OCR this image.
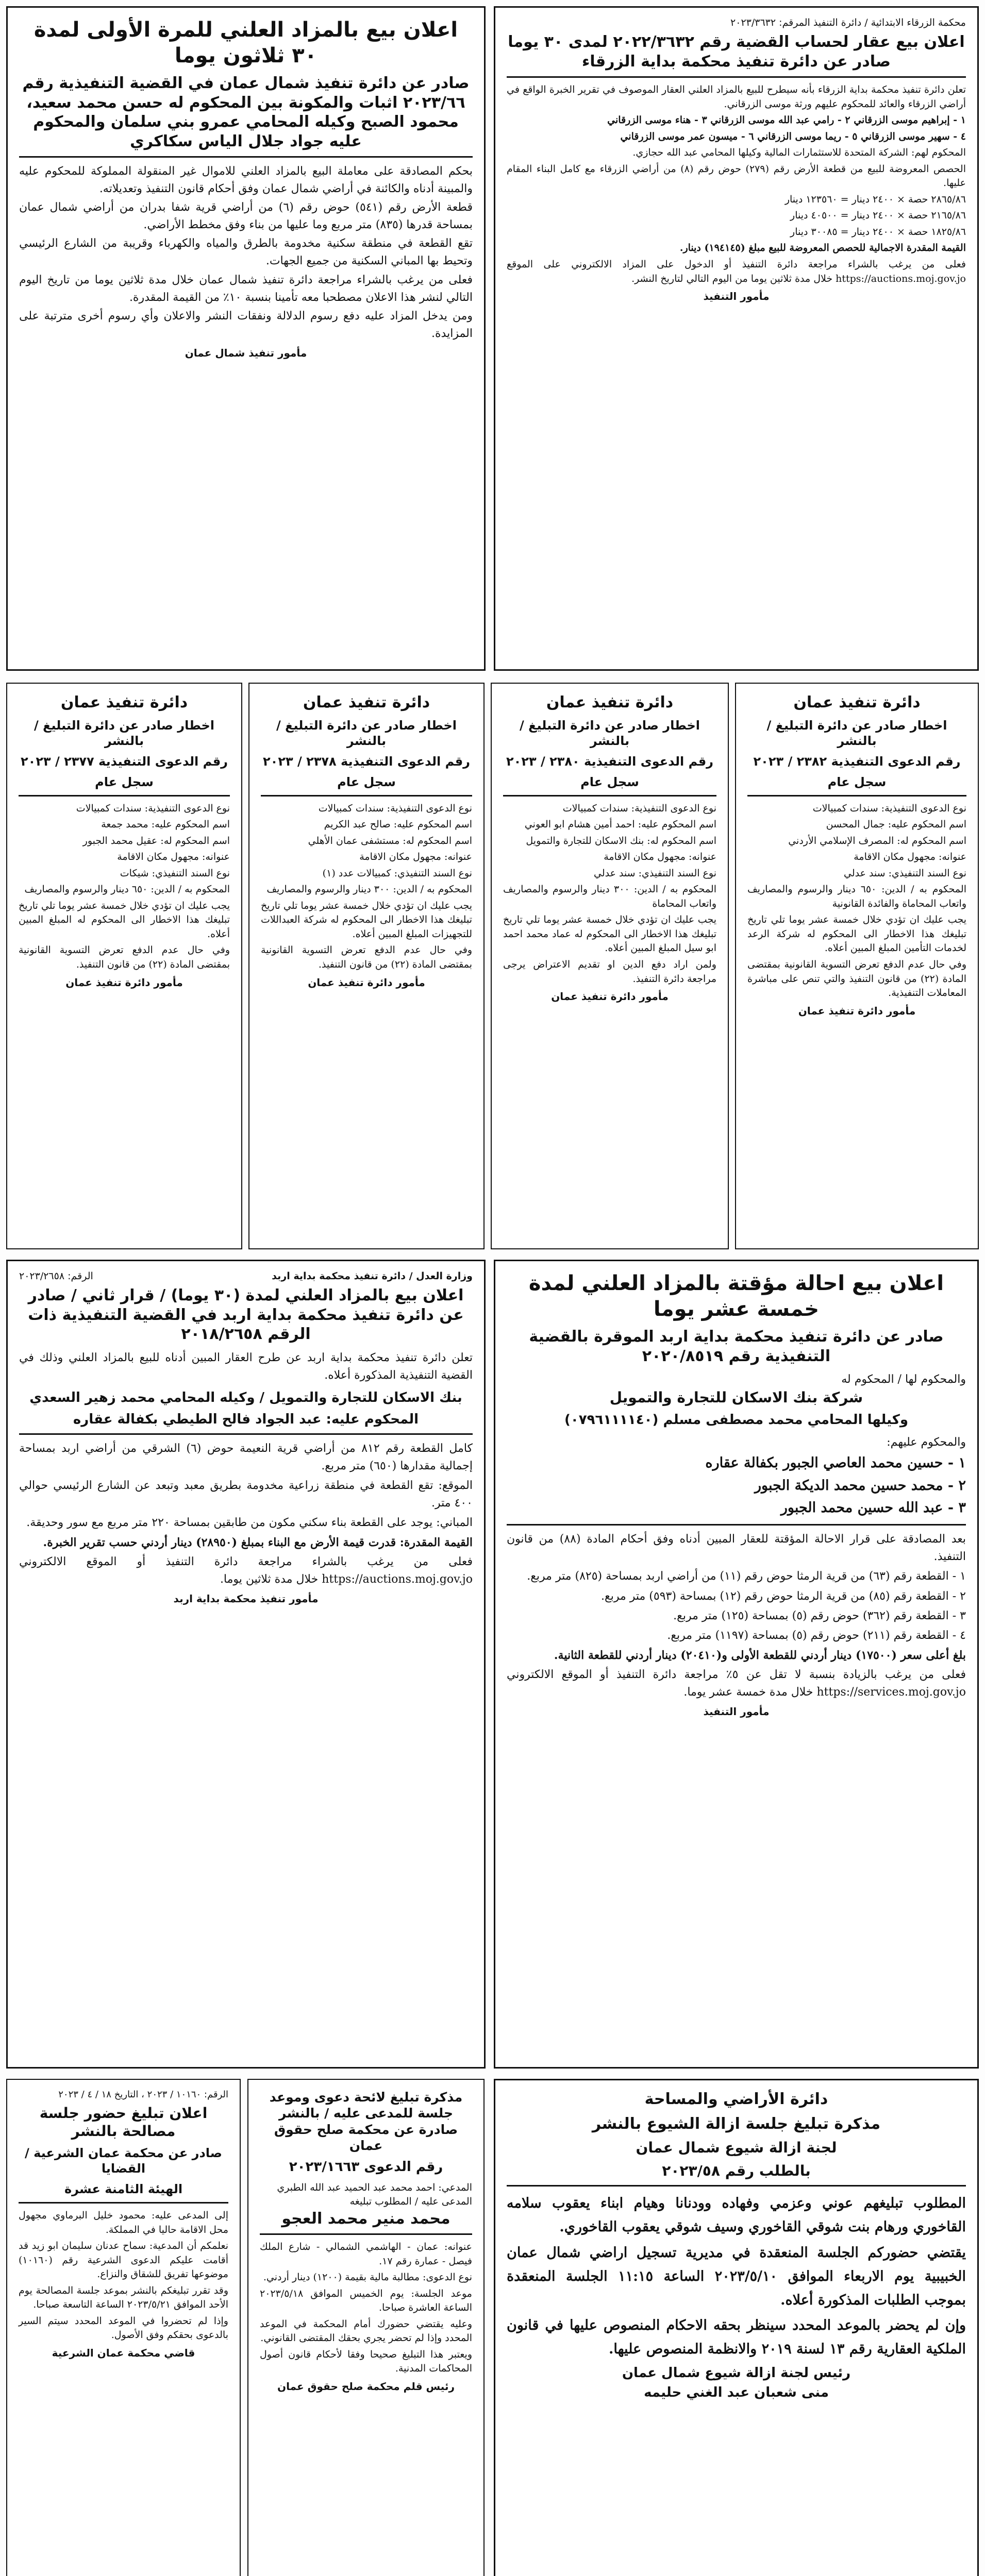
اعلان بيع بالمزاد العلني للمرة الأولى لمدة ٣٠ ثلاثون يوما
صادر عن دائرة تنفيذ شمال عمان في القضية التنفيذية رقم ٢٠٢٣/٦٦ اثبات والمكونة بين المحكوم له حسن محمد سعيد، محمود الصبح وكيله المحامي عمرو بني سلمان والمحكوم عليه جواد جلال الياس سكاكري
بحكم المصادقة على معاملة البيع بالمزاد العلني للاموال غير المنقولة المملوكة للمحكوم عليه والمبينة أدناه والكائنة في أراضي شمال عمان وفق أحكام قانون التنفيذ وتعديلاته.
قطعة الأرض رقم (٥٤١) حوض رقم (٦) من أراضي قرية شفا بدران من أراضي شمال عمان بمساحة قدرها (٨٣٥) متر مربع وما عليها من بناء وفق مخطط الأراضي.
تقع القطعة في منطقة سكنية مخدومة بالطرق والمياه والكهرباء وقريبة من الشارع الرئيسي وتحيط بها المباني السكنية من جميع الجهات.
فعلى من يرغب بالشراء مراجعة دائرة تنفيذ شمال عمان خلال مدة ثلاثين يوما من تاريخ اليوم التالي لنشر هذا الاعلان مصطحبا معه تأمينا بنسبة ١٠٪ من القيمة المقدرة.
ومن يدخل المزاد عليه دفع رسوم الدلالة ونفقات النشر والاعلان وأي رسوم أخرى مترتبة على المزايدة.
مأمور تنفيذ شمال عمان
محكمة الزرقاء الابتدائية / دائرة التنفيذ المرقم: ٢٠٢٣/٣٦٣٢
اعلان بيع عقار لحساب القضية رقم ٢٠٢٢/٣٦٣٢ لمدى ٣٠ يوما صادر عن دائرة تنفيذ محكمة بداية الزرقاء
تعلن دائرة تنفيذ محكمة بداية الزرقاء بأنه سيطرح للبيع بالمزاد العلني العقار الموصوف في تقرير الخبرة الواقع في أراضي الزرقاء والعائد للمحكوم عليهم ورثة موسى الزرقاني.
١ - إبراهيم موسى الزرقاني ٢ - رامي عبد الله موسى الزرقاني ٣ - هناء موسى الزرقاني
٤ - سهير موسى الزرقاني ٥ - ريما موسى الزرقاني ٦ - ميسون عمر موسى الزرقاني
المحكوم لهم: الشركة المتحدة للاستثمارات المالية وكيلها المحامي عبد الله حجازي.
الحصص المعروضة للبيع من قطعة الأرض رقم (٢٧٩) حوض رقم (٨) من أراضي الزرقاء مع كامل البناء المقام عليها.
٢٨٦٥/٨٦ حصة × ٢٤٠٠ دينار = ١٢٣٥٦٠ دينار
٢١٦٥/٨٦ حصة × ٢٤٠٠ دينار = ٤٠٥٠٠ دينار
١٨٢٥/٨٦ حصة × ٢٤٠٠ دينار = ٣٠٠٨٥ دينار
القيمة المقدرة الاجمالية للحصص المعروضة للبيع مبلغ (١٩٤١٤٥) دينار.
فعلى من يرغب بالشراء مراجعة دائرة التنفيذ أو الدخول على المزاد الالكتروني على الموقع https://auctions.moj.gov.jo خلال مدة ثلاثين يوما من اليوم التالي لتاريخ النشر.
مأمور التنفيذ
دائرة تنفيذ عمان
اخطار صادر عن دائرة التبليغ / بالنشر
رقم الدعوى التنفيذية ٢٣٨٢ / ٢٠٢٣
سجل عام
نوع الدعوى التنفيذية: سندات كمبيالات
اسم المحكوم عليه: جمال المحسن
اسم المحكوم له: المصرف الإسلامي الأردني
عنوانه: مجهول مكان الاقامة
نوع السند التنفيذي: سند عدلي
المحكوم به / الدين: ٦٥٠ دينار والرسوم والمصاريف واتعاب المحاماة والفائدة القانونية
يجب عليك ان تؤدي خلال خمسة عشر يوما تلي تاريخ تبليغك هذا الاخطار الى المحكوم له شركة الرعد لخدمات التأمين المبلغ المبين أعلاه.
وفي حال عدم الدفع تعرض التسوية القانونية بمقتضى المادة (٢٢) من قانون التنفيذ والتي تنص على مباشرة المعاملات التنفيذية.
مأمور دائرة تنفيذ عمان
دائرة تنفيذ عمان
اخطار صادر عن دائرة التبليغ / بالنشر
رقم الدعوى التنفيذية ٢٣٨٠ / ٢٠٢٣
سجل عام
نوع الدعوى التنفيذية: سندات كمبيالات
اسم المحكوم عليه: احمد أمين هشام ابو العوني
اسم المحكوم له: بنك الاسكان للتجارة والتمويل
عنوانه: مجهول مكان الاقامة
نوع السند التنفيذي: سند عدلي
المحكوم به / الدين: ٣٠٠ دينار والرسوم والمصاريف واتعاب المحاماة
يجب عليك ان تؤدي خلال خمسة عشر يوما تلي تاريخ تبليغك هذا الاخطار الى المحكوم له عماد محمد احمد ابو سيل المبلغ المبين أعلاه.
ولمن اراد دفع الدين او تقديم الاعتراض يرجى مراجعة دائرة التنفيذ.
مأمور دائرة تنفيذ عمان
دائرة تنفيذ عمان
اخطار صادر عن دائرة التبليغ / بالنشر
رقم الدعوى التنفيذية ٢٣٧٨ / ٢٠٢٣
سجل عام
نوع الدعوى التنفيذية: سندات كمبيالات
اسم المحكوم عليه: صالح عبد الكريم
اسم المحكوم له: مستشفى عمان الأهلي
عنوانه: مجهول مكان الاقامة
نوع السند التنفيذي: كمبيالات عدد (١)
المحكوم به / الدين: ٣٠٠ دينار والرسوم والمصاريف
يجب عليك ان تؤدي خلال خمسة عشر يوما تلي تاريخ تبليغك هذا الاخطار الى المحكوم له شركة العبداللات للتجهيزات المبلغ المبين أعلاه.
وفي حال عدم الدفع تعرض التسوية القانونية بمقتضى المادة (٢٢) من قانون التنفيذ.
مأمور دائرة تنفيذ عمان
دائرة تنفيذ عمان
اخطار صادر عن دائرة التبليغ / بالنشر
رقم الدعوى التنفيذية ٢٣٧٧ / ٢٠٢٣
سجل عام
نوع الدعوى التنفيذية: سندات كمبيالات
اسم المحكوم عليه: محمد جمعة
اسم المحكوم له: عقيل محمد الجبور
عنوانه: مجهول مكان الاقامة
نوع السند التنفيذي: شيكات
المحكوم به / الدين: ٦٥٠ دينار والرسوم والمصاريف
يجب عليك ان تؤدي خلال خمسة عشر يوما تلي تاريخ تبليغك هذا الاخطار الى المحكوم له المبلغ المبين أعلاه.
وفي حال عدم الدفع تعرض التسوية القانونية بمقتضى المادة (٢٢) من قانون التنفيذ.
مأمور دائرة تنفيذ عمان
وزارة العدل / دائرة تنفيذ محكمة بداية اربد
الرقم: ٢٠٢٣/٢٦٥٨
اعلان بيع بالمزاد العلني لمدة (٣٠ يوما) / قرار ثاني / صادر عن دائرة تنفيذ محكمة بداية اربد في القضية التنفيذية ذات الرقم ٢٠١٨/٢٦٥٨
تعلن دائرة تنفيذ محكمة بداية اربد عن طرح العقار المبين أدناه للبيع بالمزاد العلني وذلك في القضية التنفيذية المذكورة أعلاه.
بنك الاسكان للتجارة والتمويل / وكيله المحامي محمد زهير السعدي
المحكوم عليه: عبد الجواد فالح الطيطي بكفالة عقاره
كامل القطعة رقم ٨١٢ من أراضي قرية النعيمة حوض (٦) الشرقي من أراضي اربد بمساحة إجمالية مقدارها (٦٥٠) متر مربع.
الموقع: تقع القطعة في منطقة زراعية مخدومة بطريق معبد وتبعد عن الشارع الرئيسي حوالي ٤٠٠ متر.
المباني: يوجد على القطعة بناء سكني مكون من طابقين بمساحة ٢٢٠ متر مربع مع سور وحديقة.
القيمة المقدرة: قدرت قيمة الأرض مع البناء بمبلغ (٢٨٩٥٠) دينار أردني حسب تقرير الخبرة.
فعلى من يرغب بالشراء مراجعة دائرة التنفيذ أو الموقع الالكتروني https://auctions.moj.gov.jo خلال مدة ثلاثين يوما.
مأمور تنفيذ محكمة بداية اربد
اعلان بيع احالة مؤقتة بالمزاد العلني لمدة خمسة عشر يوما
صادر عن دائرة تنفيذ محكمة بداية اربد الموقرة بالقضية التنفيذية رقم ٢٠٢٠/٨٥١٩
والمحكوم لها / المحكوم له
شركة بنك الاسكان للتجارة والتمويل
وكيلها المحامي محمد مصطفى مسلم (٠٧٩٦١١١١٤٠)
والمحكوم عليهم:
١ - حسين محمد العاصي الجبور بكفالة عقاره
٢ - محمد حسين محمد الديكة الجبور
٣ - عبد الله حسين محمد الجبور
بعد المصادقة على قرار الاحالة المؤقتة للعقار المبين أدناه وفق أحكام المادة (٨٨) من قانون التنفيذ.
١ - القطعة رقم (٦٣) من قرية الرمثا حوض رقم (١١) من أراضي اربد بمساحة (٨٢٥) متر مربع.
٢ - القطعة رقم (٨٥) من قرية الرمثا حوض رقم (١٢) بمساحة (٥٩٣) متر مربع.
٣ - القطعة رقم (٣٦٢) حوض رقم (٥) بمساحة (١٢٥) متر مربع.
٤ - القطعة رقم (٢١١) حوض رقم (٥) بمساحة (١١٩٧) متر مربع.
بلغ أعلى سعر (١٧٥٠٠) دينار أردني للقطعة الأولى و(٢٠٤١٠) دينار أردني للقطعة الثانية.
فعلى من يرغب بالزيادة بنسبة لا تقل عن ٥٪ مراجعة دائرة التنفيذ أو الموقع الالكتروني https://services.moj.gov.jo خلال مدة خمسة عشر يوما.
مأمور التنفيذ
الرقم: ١٠١٦٠ / ٢٠٢٣ ، التاريخ ١٨ / ٤ / ٢٠٢٣
اعلان تبليغ حضور جلسة مصالحة بالنشر
صادر عن محكمة عمان الشرعية / القضايا
الهيئة الثامنة عشرة
إلى المدعى عليه: محمود خليل البرماوي مجهول محل الاقامة حاليا في المملكة.
نعلمكم أن المدعية: سماح عدنان سليمان ابو زيد قد أقامت عليكم الدعوى الشرعية رقم (١٠١٦٠) موضوعها تفريق للشقاق والنزاع.
وقد تقرر تبليغكم بالنشر بموعد جلسة المصالحة يوم الأحد الموافق ٢٠٢٣/٥/٢١ الساعة التاسعة صباحا.
وإذا لم تحضروا في الموعد المحدد سيتم السير بالدعوى بحقكم وفق الأصول.
قاضي محكمة عمان الشرعية
مذكرة تبليغ لائحة دعوى وموعد جلسة للمدعى عليه / بالنشر صادرة عن محكمة صلح حقوق عمان
رقم الدعوى ٢٠٢٣/١٦٦٣
المدعي: احمد محمد عبد الحميد عبد الله الطبري
المدعى عليه / المطلوب تبليغه
محمد منير محمد العجو
عنوانه: عمان - الهاشمي الشمالي - شارع الملك فيصل - عمارة رقم ١٧.
نوع الدعوى: مطالبة مالية بقيمة (١٢٠٠) دينار أردني.
موعد الجلسة: يوم الخميس الموافق ٢٠٢٣/٥/١٨ الساعة العاشرة صباحا.
وعليه يقتضي حضورك أمام المحكمة في الموعد المحدد وإذا لم تحضر يجري بحقك المقتضى القانوني.
ويعتبر هذا التبليغ صحيحا وفقا لأحكام قانون أصول المحاكمات المدنية.
رئيس قلم محكمة صلح حقوق عمان
دائرة الأراضي والمساحة
مذكرة تبليغ جلسة ازالة الشيوع بالنشر
لجنة ازالة شيوع شمال عمان
بالطلب رقم ٢٠٢٣/٥٨
المطلوب تبليغهم عوني وعزمي وفهاده وودنانا وهيام ابناء يعقوب سلامه القاخوري ورهام بنت شوقي القاخوري وسيف شوقي يعقوب القاخوري.
يقتضي حضوركم الجلسة المنعقدة في مديرية تسجيل اراضي شمال عمان الخبيبية يوم الاربعاء الموافق ٢٠٢٣/٥/١٠ الساعة ١١:١٥ الجلسة المنعقدة بموجب الطلبات المذكورة أعلاه.
وإن لم يحضر بالموعد المحدد سينظر بحقه الاحكام المنصوص عليها في قانون الملكية العقارية رقم ١٣ لسنة ٢٠١٩ والانظمة المنصوص عليها.
رئيس لجنة ازالة شيوع شمال عمان
منى شعبان عبد الغني حليمه
